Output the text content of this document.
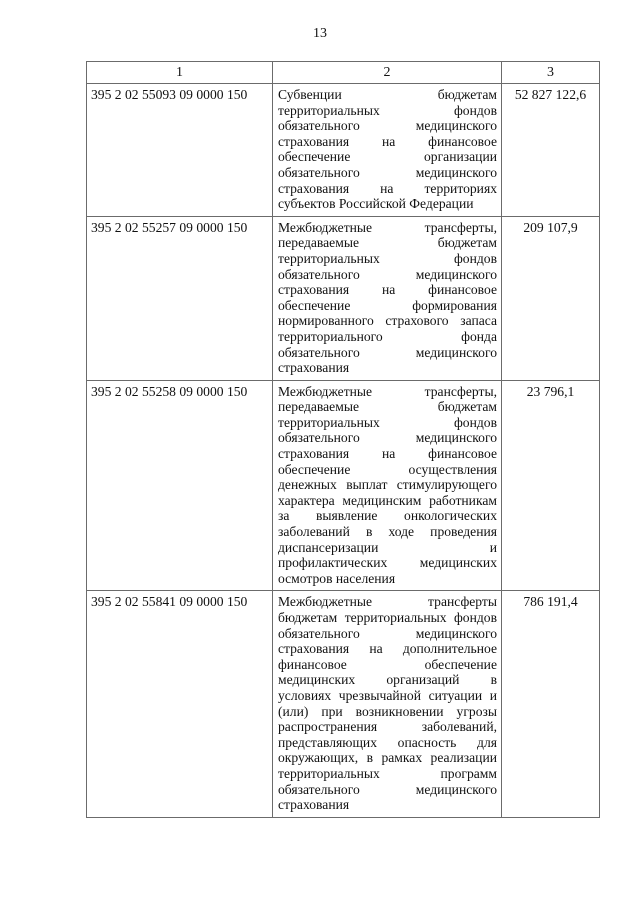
13
1	2	3
395 2 02 55093 09 0000 150	Субвенции бюджетам территориальных фондов обязательного медицинского страхования на финансовое обеспечение организации обязательного медицинского страхования на территориях субъектов Российской Федерации	52 827 122,6
395 2 02 55257 09 0000 150	Межбюджетные трансферты, передаваемые бюджетам территориальных фондов обязательного медицинского страхования на финансовое обеспечение формирования нормированного страхового запаса территориального фонда обязательного медицинского страхования	209 107,9
395 2 02 55258 09 0000 150	Межбюджетные трансферты, передаваемые бюджетам территориальных фондов обязательного медицинского страхования на финансовое обеспечение осуществления денежных выплат стимулирующего характера медицинским работникам за выявление онкологических заболеваний в ходе проведения диспансеризации и профилактических медицинских осмотров населения	23 796,1
395 2 02 55841 09 0000 150	Межбюджетные трансферты бюджетам территориальных фондов обязательного медицинского страхования на дополнительное финансовое обеспечение медицинских организаций в условиях чрезвычайной ситуации и (или) при возникновении угрозы распространения заболеваний, представляющих опасность для окружающих, в рамках реализации территориальных программ обязательного медицинского страхования	786 191,4
